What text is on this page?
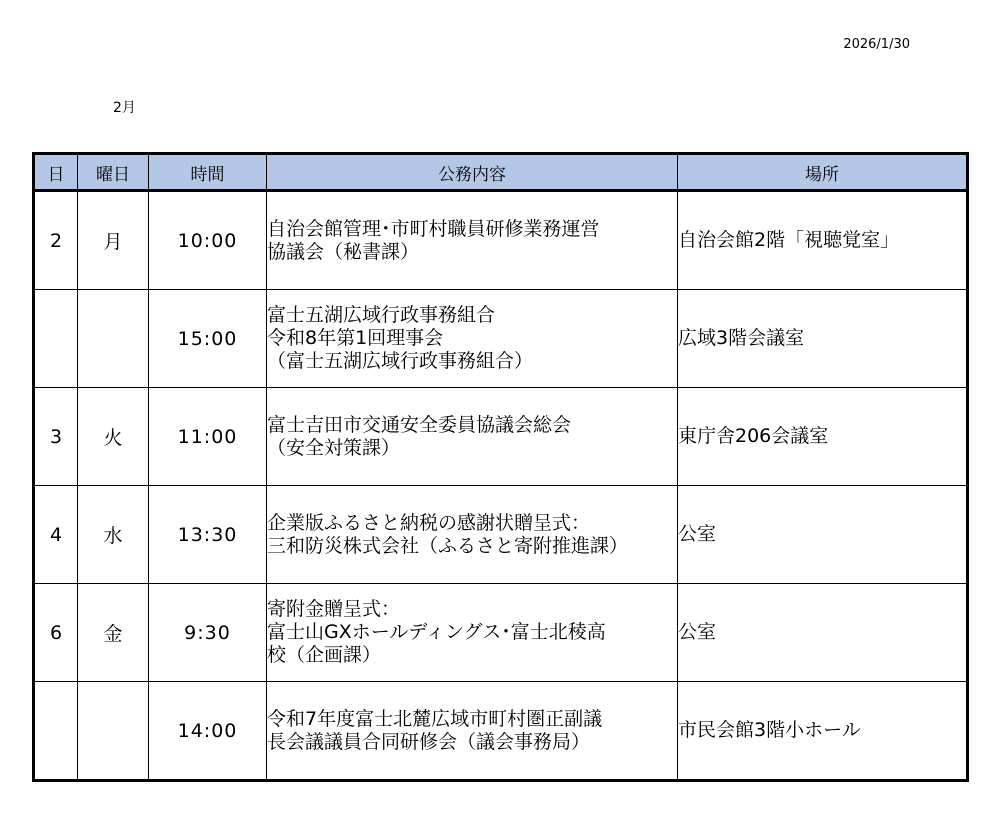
2026/1/30
2月
日	曜日	時間	公務内容	場所
2	月	10:00	自治会館管理･市町村職員研修業務運営
協議会（秘書課）	自治会館2階「視聴覚室」
		15:00	富士五湖広域行政事務組合
令和8年第1回理事会
（富士五湖広域行政事務組合）	広域3階会議室
3	火	11:00	富士吉田市交通安全委員協議会総会
（安全対策課）	東庁舎206会議室
4	水	13:30	企業版ふるさと納税の感謝状贈呈式：
三和防災株式会社（ふるさと寄附推進課）	公室
6	金	9:30	寄附金贈呈式：
富士山GXホールディングス･富士北稜高
校（企画課）	公室
		14:00	令和7年度富士北麓広域市町村圏正副議
長会議議員合同研修会（議会事務局）	市民会館3階小ホール
